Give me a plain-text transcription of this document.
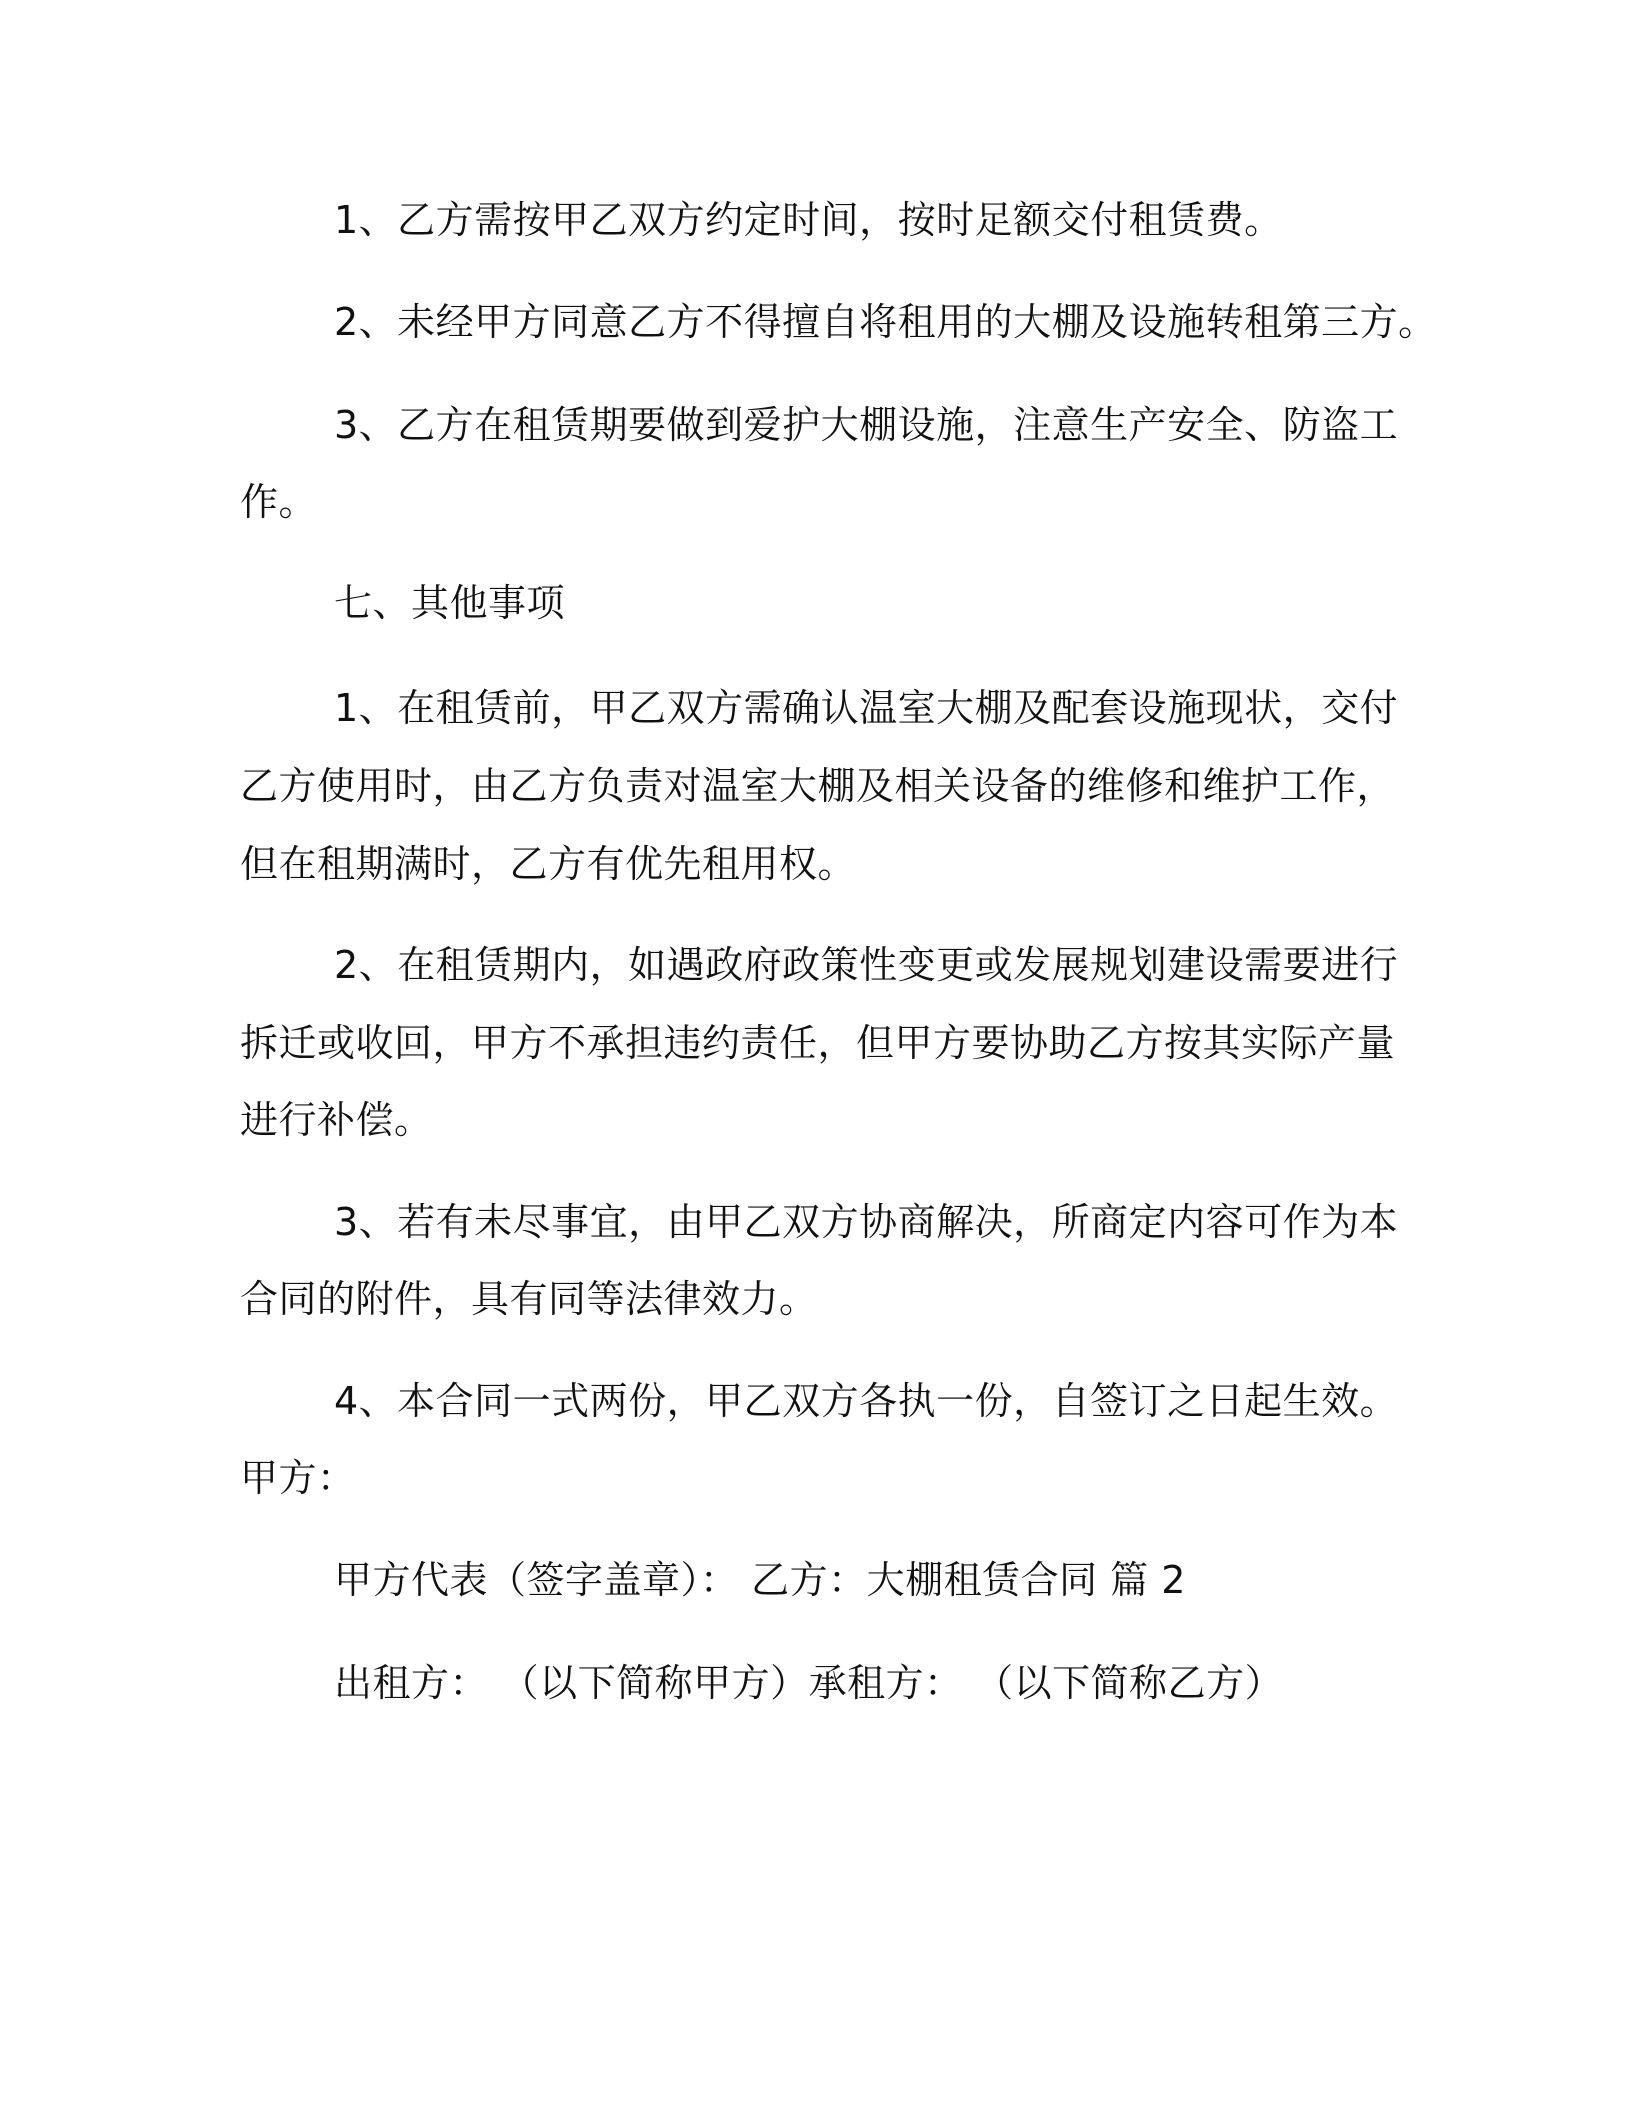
1、乙方需按甲乙双方约定时间，按时足额交付租赁费。
2、未经甲方同意乙方不得擅自将租用的大棚及设施转租第三方。
3、乙方在租赁期要做到爱护大棚设施，注意生产安全、防盗工
作。
七、其他事项
1、在租赁前，甲乙双方需确认温室大棚及配套设施现状，交付
乙方使用时，由乙方负责对温室大棚及相关设备的维修和维护工作，
但在租期满时，乙方有优先租用权。
2、在租赁期内，如遇政府政策性变更或发展规划建设需要进行
拆迁或收回，甲方不承担违约责任，但甲方要协助乙方按其实际产量
进行补偿。
3、若有未尽事宜，由甲乙双方协商解决，所商定内容可作为本
合同的附件，具有同等法律效力。
4、本合同一式两份，甲乙双方各执一份，自签订之日起生效。
甲方：
甲方代表（签字盖章）： 乙方：大棚租赁合同 篇 2
出租方： （以下简称甲方）承租方： （以下简称乙方）
